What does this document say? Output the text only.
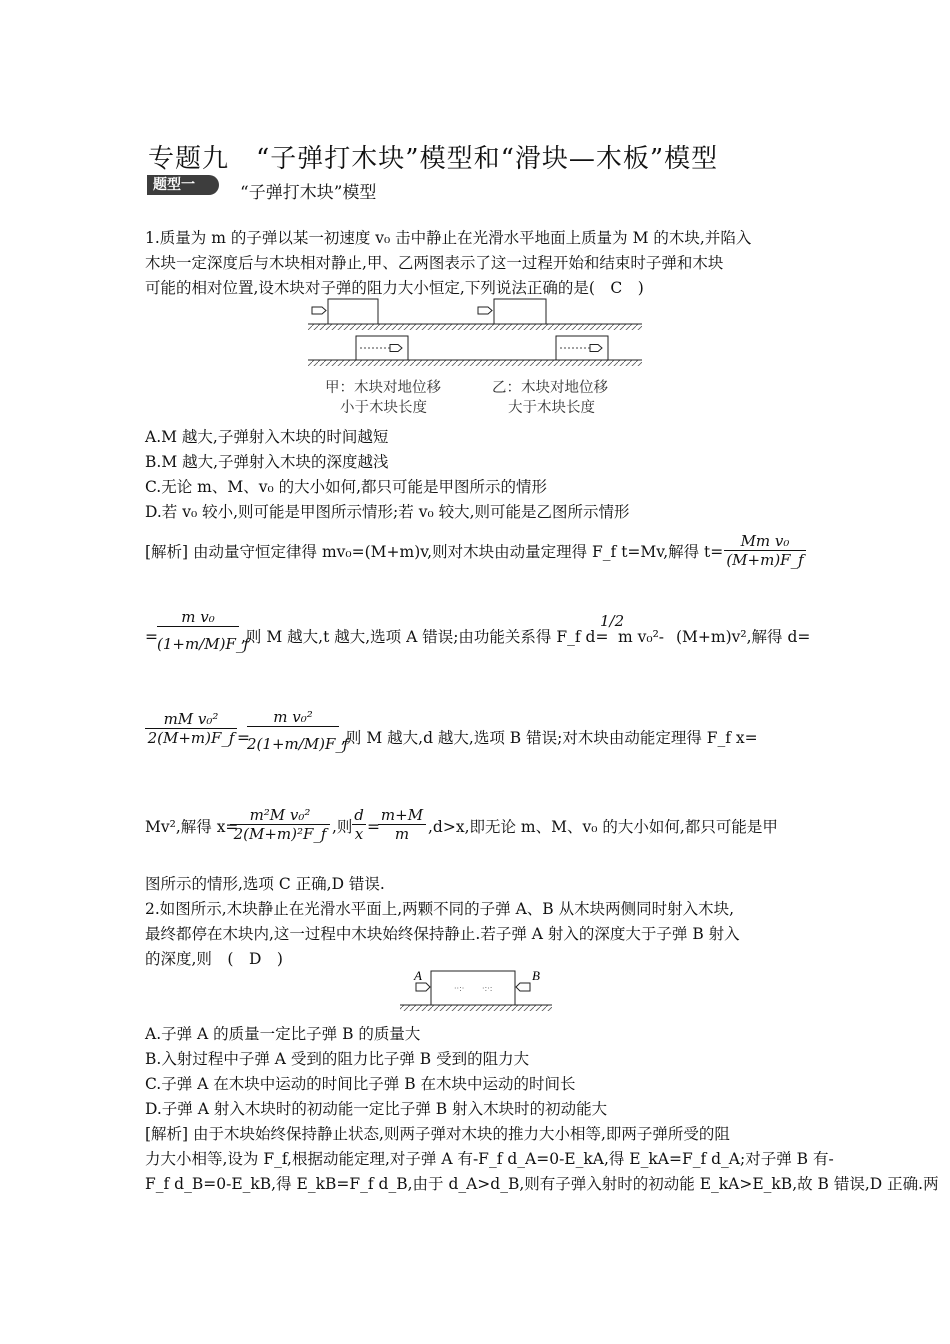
专题九　“子弹打木块”模型和“滑块—木板”模型
题型一	“子弹打木块”模型
1.质量为 m 的子弹以某一初速度 v₀ 击中静止在光滑水平地面上质量为 M 的木块,并陷入
木块一定深度后与木块相对静止,甲、乙两图表示了这一过程开始和结束时子弹和木块
可能的相对位置,设木块对子弹的阻力大小恒定,下列说法正确的是(　C　)
甲：木块对地位移
小于木块长度
乙：木块对地位移
大于木块长度
A.M 越大,子弹射入木块的时间越短
B.M 越大,子弹射入木块的深度越浅
C.无论 m、M、v₀ 的大小如何,都只可能是甲图所示的情形
D.若 v₀ 较小,则可能是甲图所示情形;若 v₀ 较大,则可能是乙图所示情形
[解析] 由动量守恒定律得 mv₀=(M+m)v,则对木块由动量定理得 F_f t=Mv,解得 $t= \frac{\text{Mm v₀}}{(M+m)F\_f}$
= $\frac{\text{m v₀}}{(1+m/M)F\_f}$ ,则 M 越大,t 越大,选项 A 错误;由功能关系得 F_f d=
1/2
m v₀²- (M+m)v²,解得 d=
$\frac{\text{mM v₀²}}{2(M+m)F\_f}$ =
$\frac{\text{m v₀²}}{2(1+m/M)F\_f}$ ,则 M 越大,d 越大,选项 B 错误;对木块由动能定理得 F_f x=
Mv²,解得 x=
$\frac{\text{m²M v₀²}}{\text{2(M+m)²F\_f}}$ ,则 $\frac{d}{x}$ =
$\frac{m+M}{m} ,d>x$,即无论 m、M、v₀ 的大小如何,都只可能是甲
图所示的情形,选项 C 正确,D 错误.
2.如图所示,木块静止在光滑水平面上,两颗不同的子弹 A、B 从木块两侧同时射入木块,
最终都停在木块内,这一过程中木块始终保持静止.若子弹 A 射入的深度大于子弹 B 射入
的深度,则　(　D　)
··:· ·:·:
A	B
A.子弹 A 的质量一定比子弹 B 的质量大
B.入射过程中子弹 A 受到的阻力比子弹 B 受到的阻力大
C.子弹 A 在木块中运动的时间比子弹 B 在木块中运动的时间长
D.子弹 A 射入木块时的初动能一定比子弹 B 射入木块时的初动能大
[解析] 由于木块始终保持静止状态,则两子弹对木块的推力大小相等,即两子弹所受的阻
力大小相等,设为 F_f,根据动能定理,对子弹 A 有-F_f d_A=0-E_kA,得 E_kA=F_f d_A;对子弹 B 有-
F_f d_B=0-E_kB,得 E_kB=F_f d_B,由于 d_A>d_B,则有子弹入射时的初动能 E_kA>E_kB,故 B 错误,D 正确.两
